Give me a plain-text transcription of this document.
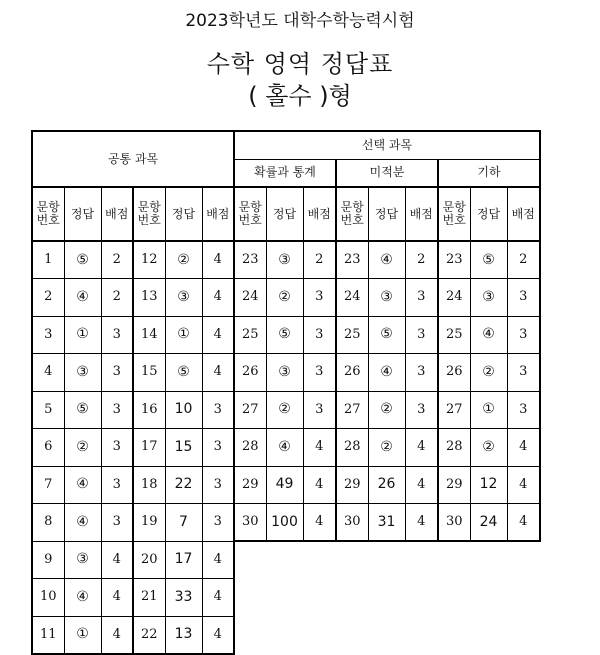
2023학년도 대학수학능력시험
수학 영역 정답표
( 홀수 )형
공통 과목					
문항
번호	정답	배점	문항
번호	정답	배점
1	⑤	2	12	②	4
2	④	2	13	③	4
3	①	3	14	①	4
4	③	3	15	⑤	4
5	⑤	3	16	10	3
6	②	3	17	15	3
7	④	3	18	22	3
8	④	3	19	7	3
9	③	4	20	17	4
10	④	4	21	33	4
11	①	4	22	13	4
선택 과목								
확률과 통계			미적분			기하		
문항
번호	정답	배점	문항
번호	정답	배점	문항
번호	정답	배점
23	③	2	23	④	2	23	⑤	2
24	②	3	24	③	3	24	③	3
25	⑤	3	25	⑤	3	25	④	3
26	③	3	26	④	3	26	②	3
27	②	3	27	②	3	27	①	3
28	④	4	28	②	4	28	②	4
29	49	4	29	26	4	29	12	4
30	100	4	30	31	4	30	24	4
